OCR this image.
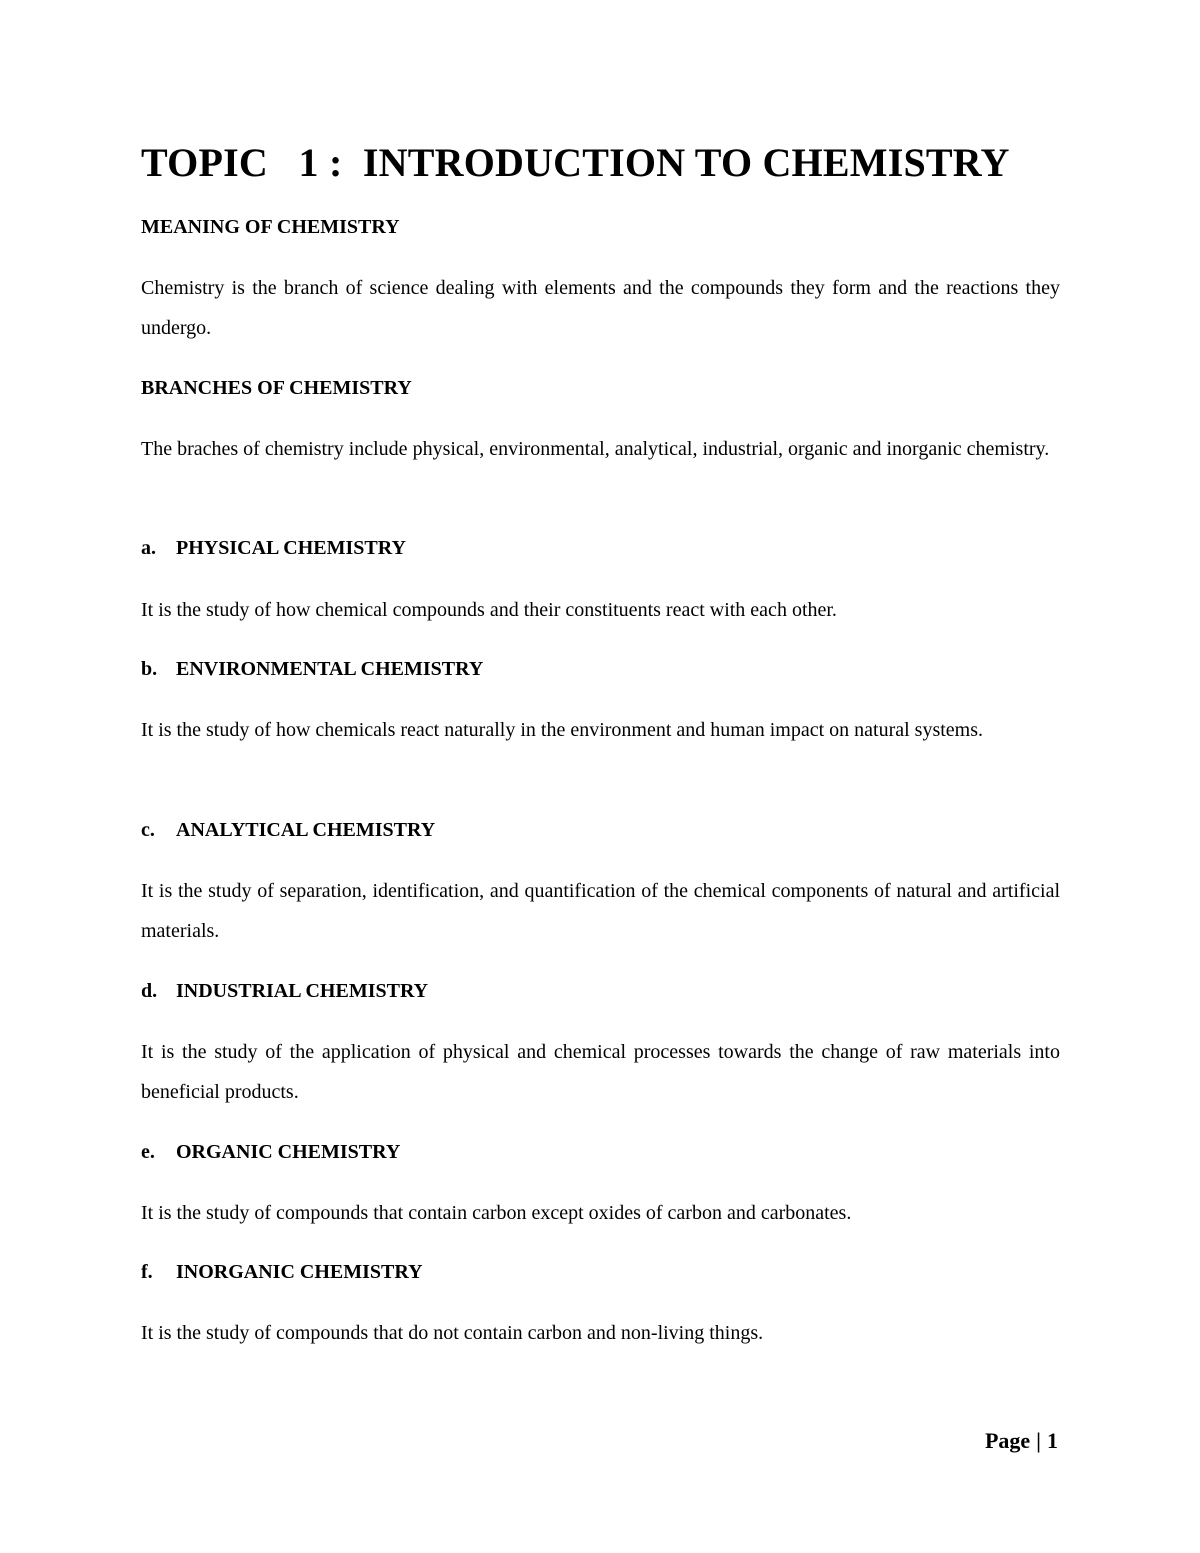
TOPIC   1 :  INTRODUCTION TO CHEMISTRY
MEANING OF CHEMISTRY

Chemistry is the branch of science dealing with elements and the compounds they form and the reactions they undergo.

BRANCHES OF CHEMISTRY

The braches of chemistry include physical, environmental, analytical, industrial, organic and inorganic chemistry.

a. PHYSICAL CHEMISTRY

It is the study of how chemical compounds and their constituents react with each other.

b. ENVIRONMENTAL CHEMISTRY

It is the study of how chemicals react naturally in the environment and human impact on natural systems.

c. ANALYTICAL CHEMISTRY

It is the study of separation, identification, and quantification of the chemical components of natural and artificial materials.

d. INDUSTRIAL CHEMISTRY

It is the study of the application of physical and chemical processes towards the change of raw materials into beneficial products.

e. ORGANIC CHEMISTRY

It is the study of compounds that contain carbon except oxides of carbon and carbonates.

f. INORGANIC CHEMISTRY

It is the study of compounds that do not contain carbon and non-living things.

Page | 1
